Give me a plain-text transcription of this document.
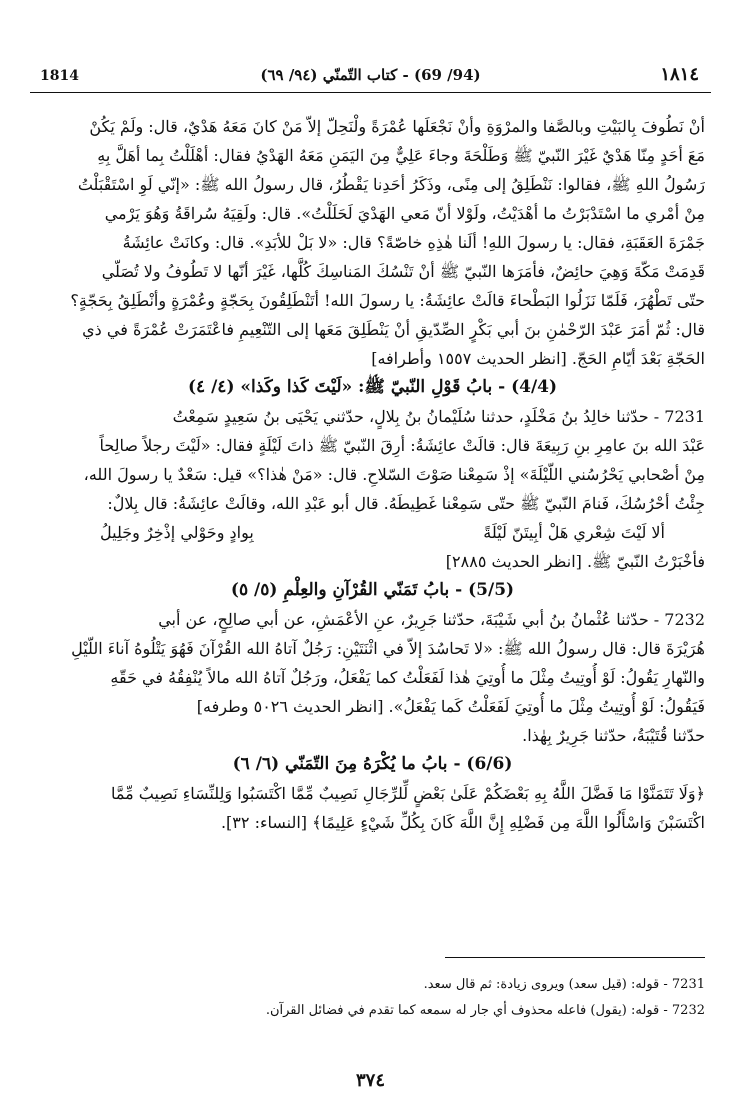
1814	(94/ 69) - كتاب التّمنّي (٩٤/ ٦٩)	١٨١٤
أنْ نَطُوفَ بِالبَيْتِ وبالصَّفا والمرْوَةِ وأنْ نَجْعَلَها عُمْرَةً ولْنَحِلّ إلاّ مَنْ كانَ مَعَهُ هَدْيٌ، قال: ولَمْ يَكُنْ
مَعَ أحَدٍ مِنّا هَدْيٌ غَيْرَ النّبيّ ﷺ وَطَلْحَةَ وجاءَ عَلِيٌّ مِنَ اليَمَنِ مَعَهُ الهَدْيُ فقال: أهْلَلْتُ بِما أهَلَّ بِهِ
رَسُولُ اللهِ ﷺ، فقالوا: نَنْطَلِقُ إلى مِنًى، وذَكَرُ أحَدِنا يَقْطُرُ، قال رسولُ الله ﷺ: «إنّي لَوِ اسْتَقْبَلْتُ
مِنْ أمْري ما اسْتَدْبَرْتُ ما أهْدَيْتُ، ولَوْلا أنّ مَعي الهَدْيَ لَحَلَلْتُ». قال: ولَقِيَهُ سُراقَةُ وَهُوَ يَرْمي
جَمْرَةَ العَقَبَةِ، فقال: يا رسولَ اللهِ! ألَنا هٰذِهِ خاصّةً؟ قال: «لا بَلْ للأبَدِ». قال: وكانَتْ عائِشَةُ
قَدِمَتْ مَكّةَ وَهِيَ حائِضٌ، فأمَرَها النّبيّ ﷺ أنْ تَنْسُكَ المَناسِكَ كُلَّها، غَيْرَ أنّها لا تَطُوفُ ولا تُصَلّي
حتّى تَطْهُرَ، فَلَمّا نَزَلُوا البَطْحاءَ قالَتْ عائِشَةُ: يا رسولَ الله! أتَنْطَلِقُونَ بِحَجّةٍ وعُمْرَةٍ وأنْطَلِقُ بِحَجّةٍ؟
قال: ثُمّ أمَرَ عَبْدَ الرّحْمٰنِ بنَ أبي بَكْرٍ الصِّدّيقِ أنْ يَنْطَلِقَ مَعَها إلى التّنْعِيمِ فاعْتَمَرَتْ عُمْرَةً في ذي
الحَجّةِ بَعْدَ أيّامِ الحَجّ. [انظر الحديث ١٥٥٧ وأطرافه]
(4/4) - بابُ قَوْلِ النّبيّ ﷺ: «لَيْتَ كَذا وكَذا» (٤/ ٤)
7231 - حدّثنا خالِدُ بنُ مَخْلَدٍ، حدثنا سُلَيْمانُ بنُ بِلالٍ، حدّثني يَحْيَى بنُ سَعِيدٍ سَمِعْتُ
عَبْدَ الله بنَ عامِرِ بنِ رَبِيعَةَ قال: قالَتْ عائِشَةُ: أرِقَ النّبيّ ﷺ ذاتَ لَيْلَةٍ فقال: «لَيْتَ رجلاً صالِحاً
مِنْ أصْحابي يَحْرُسُني اللّيْلَةَ» إذْ سَمِعْنا صَوْتَ السّلاحِ. قال: «مَنْ هٰذا؟» قيل: سَعْدٌ يا رسولَ الله،
جِئْتُ أحْرُسُكَ، فَنامَ النّبيّ ﷺ حتّى سَمِعْنا غَطِيطَهُ. قال أبو عَبْدِ الله، وقالَتْ عائِشَةُ: قال بِلالٌ:
ألا لَيْتَ شِعْري هَلْ أبِيتَنّ لَيْلَةً
بِوادٍ وحَوْلي إذْخِرٌ وجَلِيلُ
فأخْبَرْتُ النّبيّ ﷺ. [انظر الحديث ٢٨٨٥]
(5/5) - بابُ تَمَنّي القُرْآنِ والعِلْمِ (٥/ ٥)
7232 - حدّثنا عُثْمانُ بنُ أبي شَيْبَةَ، حدّثنا جَرِيرٌ، عنِ الأعْمَشِ، عن أبي صالِحٍ، عن أبي
هُرَيْرَةَ قال: قال رسولُ الله ﷺ: «لا تَحاسُدَ إلاّ في اثْنَتَيْنِ: رَجُلٌ آتاهُ الله القُرْآنَ فَهُوَ يَتْلُوهُ آناءَ اللّيْلِ
والنّهارِ يَقُولُ: لَوْ أُوتِيتُ مِثْلَ ما أُوتِيَ هٰذا لَفَعَلْتُ كما يَفْعَلُ، ورَجُلٌ آتاهُ الله مالاً يُنْفِقُهُ في حَقّهِ
فَيَقُولُ: لَوْ أُوتِيتُ مِثْلَ ما أُوتِيَ لَفَعَلْتُ كَما يَفْعَلُ». [انظر الحديث ٥٠٢٦ وطرفه]
حدّثنا قُتَيْبَةُ، حدّثنا جَرِيرٌ بِهٰذا.
(6/6) - بابُ ما يُكْرَهُ مِنَ التّمَنّي (٦/ ٦)
﴿وَلَا تَتَمَنَّوْا مَا فَضَّلَ اللَّهُ بِهِ بَعْضَكُمْ عَلَىٰ بَعْضٍ لِّلرِّجَالِ نَصِيبٌ مِّمَّا اكْتَسَبُوا وَلِلنِّسَاءِ نَصِيبٌ مِّمَّا
اكْتَسَبْنَ وَاسْأَلُوا اللَّهَ مِن فَضْلِهِ إِنَّ اللَّهَ كَانَ بِكُلِّ شَيْءٍ عَلِيمًا﴾ [النساء: ٣٢].
7231 - قوله: (قيل سعد) ويروى زيادة: ثم قال سعد.
7232 - قوله: (يقول) فاعله محذوف أي جار له سمعه كما تقدم في فضائل القرآن.
٣٧٤
